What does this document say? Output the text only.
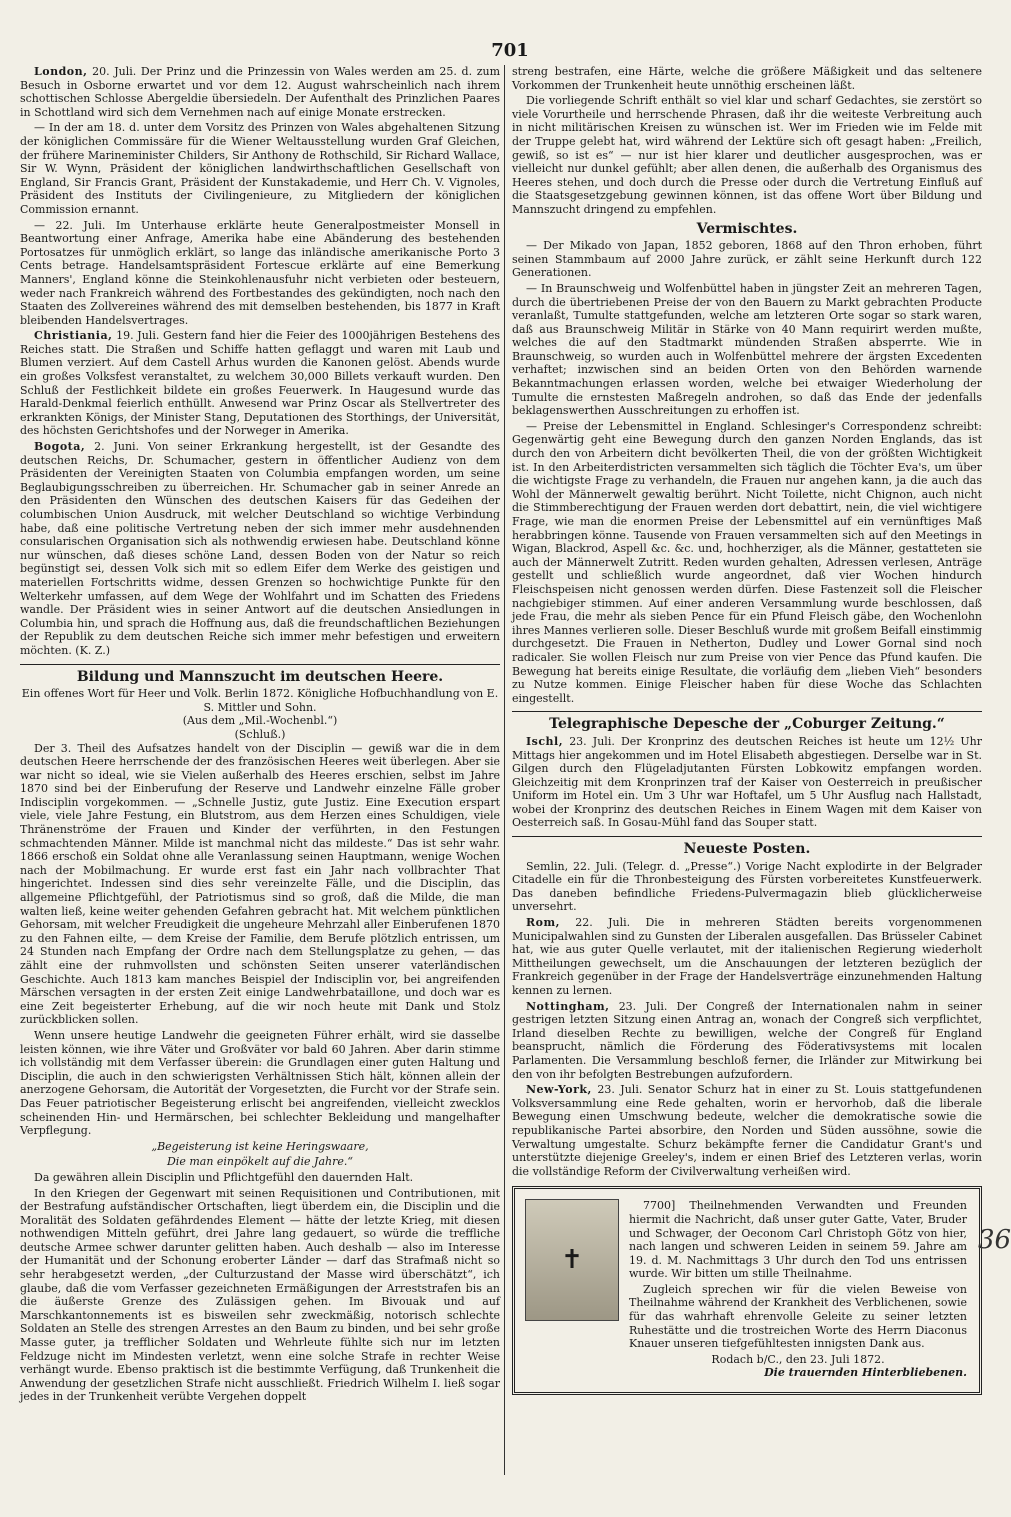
701

London, 20. Juli. Der Prinz und die Prinzessin von Wales werden am 25. d. zum Besuch in Osborne erwartet und vor dem 12. August wahrscheinlich nach ihrem schottischen Schlosse Abergeldie übersiedeln. Der Aufenthalt des Prinzlichen Paares in Schottland wird sich dem Vernehmen nach auf einige Monate erstrecken.

— In der am 18. d. unter dem Vorsitz des Prinzen von Wales abgehaltenen Sitzung der königlichen Commissäre für die Wiener Weltausstellung wurden Graf Gleichen, der frühere Marineminister Childers, Sir Anthony de Rothschild, Sir Richard Wallace, Sir W. Wynn, Präsident der königlichen landwirthschaftlichen Gesellschaft von England, Sir Francis Grant, Präsident der Kunstakademie, und Herr Ch. V. Vignoles, Präsident des Instituts der Civilingenieure, zu Mitgliedern der königlichen Commission ernannt.

— 22. Juli. Im Unterhause erklärte heute Generalpostmeister Monsell in Beantwortung einer Anfrage, Amerika habe eine Abänderung des bestehenden Portosatzes für unmöglich erklärt, so lange das inländische amerikanische Porto 3 Cents betrage. Handelsamtspräsident Fortescue erklärte auf eine Bemerkung Manners', England könne die Steinkohlenausfuhr nicht verbieten oder besteuern, weder nach Frankreich während des Fortbestandes des gekündigten, noch nach den Staaten des Zollvereines während des mit demselben bestehenden, bis 1877 in Kraft bleibenden Handelsvertrages.

Christiania, 19. Juli. Gestern fand hier die Feier des 1000jährigen Bestehens des Reiches statt. Die Straßen und Schiffe hatten geflaggt und waren mit Laub und Blumen verziert. Auf dem Castell Arhus wurden die Kanonen gelöst. Abends wurde ein großes Volksfest veranstaltet, zu welchem 30,000 Billets verkauft wurden. Den Schluß der Festlichkeit bildete ein großes Feuerwerk. In Haugesund wurde das Harald-Denkmal feierlich enthüllt. Anwesend war Prinz Oscar als Stellvertreter des erkrankten Königs, der Minister Stang, Deputationen des Storthings, der Universität, des höchsten Gerichtshofes und der Norweger in Amerika.

Bogota, 2. Juni. Von seiner Erkrankung hergestellt, ist der Gesandte des deutschen Reichs, Dr. Schumacher, gestern in öffentlicher Audienz von dem Präsidenten der Vereinigten Staaten von Columbia empfangen worden, um seine Beglaubigungsschreiben zu überreichen. Hr. Schumacher gab in seiner Anrede an den Präsidenten den Wünschen des deutschen Kaisers für das Gedeihen der columbischen Union Ausdruck, mit welcher Deutschland so wichtige Verbindung habe, daß eine politische Vertretung neben der sich immer mehr ausdehnenden consularischen Organisation sich als nothwendig erwiesen habe. Deutschland könne nur wünschen, daß dieses schöne Land, dessen Boden von der Natur so reich begünstigt sei, dessen Volk sich mit so edlem Eifer dem Werke des geistigen und materiellen Fortschritts widme, dessen Grenzen so hochwichtige Punkte für den Welterkehr umfassen, auf dem Wege der Wohlfahrt und im Schatten des Friedens wandle. Der Präsident wies in seiner Antwort auf die deutschen Ansiedlungen in Columbia hin, und sprach die Hoffnung aus, daß die freundschaftlichen Beziehungen der Republik zu dem deutschen Reiche sich immer mehr befestigen und erweitern möchten. (K. Z.)

Bildung und Mannszucht im deutschen Heere.

Ein offenes Wort für Heer und Volk. Berlin 1872. Königliche Hofbuchhandlung von E. S. Mittler und Sohn.

(Aus dem „Mil.-Wochenbl.“)

(Schluß.)

Der 3. Theil des Aufsatzes handelt von der Disciplin — gewiß war die in dem deutschen Heere herrschende der des französischen Heeres weit überlegen. Aber sie war nicht so ideal, wie sie Vielen außerhalb des Heeres erschien, selbst im Jahre 1870 sind bei der Einberufung der Reserve und Landwehr einzelne Fälle grober Indisciplin vorgekommen. — „Schnelle Justiz, gute Justiz. Eine Execution erspart viele, viele Jahre Festung, ein Blutstrom, aus dem Herzen eines Schuldigen, viele Thränenströme der Frauen und Kinder der verführten, in den Festungen schmachtenden Männer. Milde ist manchmal nicht das mildeste.“ Das ist sehr wahr. 1866 erschoß ein Soldat ohne alle Veranlassung seinen Hauptmann, wenige Wochen nach der Mobilmachung. Er wurde erst fast ein Jahr nach vollbrachter That hingerichtet. Indessen sind dies sehr vereinzelte Fälle, und die Disciplin, das allgemeine Pflichtgefühl, der Patriotismus sind so groß, daß die Milde, die man walten ließ, keine weiter gehenden Gefahren gebracht hat. Mit welchem pünktlichen Gehorsam, mit welcher Freudigkeit die ungeheure Mehrzahl aller Einberufenen 1870 zu den Fahnen eilte, — dem Kreise der Familie, dem Berufe plötzlich entrissen, um 24 Stunden nach Empfang der Ordre nach dem Stellungsplatze zu gehen, — das zählt eine der ruhmvollsten und schönsten Seiten unserer vaterländischen Geschichte. Auch 1813 kam manches Beispiel der Indisciplin vor, bei angreifenden Märschen versagten in der ersten Zeit einige Landwehrbataillone, und doch war es eine Zeit begeisterter Erhebung, auf die wir noch heute mit Dank und Stolz zurückblicken sollen.

Wenn unsere heutige Landwehr die geeigneten Führer erhält, wird sie dasselbe leisten können, wie ihre Väter und Großväter vor bald 60 Jahren. Aber darin stimme ich vollständig mit dem Verfasser überein: die Grundlagen einer guten Haltung und Disciplin, die auch in den schwierigsten Verhältnissen Stich hält, können allein der anerzogene Gehorsam, die Autorität der Vorgesetzten, die Furcht vor der Strafe sein. Das Feuer patriotischer Begeisterung erlischt bei angreifenden, vielleicht zwecklos scheinenden Hin- und Hermärschen, bei schlechter Bekleidung und mangelhafter Verpflegung.

„Begeisterung ist keine Heringswaare,

Die man einpökelt auf die Jahre.“

Da gewähren allein Disciplin und Pflichtgefühl den dauernden Halt.

In den Kriegen der Gegenwart mit seinen Requisitionen und Contributionen, mit der Bestrafung aufständischer Ortschaften, liegt überdem ein, die Disciplin und die Moralität des Soldaten gefährdendes Element — hätte der letzte Krieg, mit diesen nothwendigen Mitteln geführt, drei Jahre lang gedauert, so würde die treffliche deutsche Armee schwer darunter gelitten haben. Auch deshalb — also im Interesse der Humanität und der Schonung eroberter Länder — darf das Strafmaß nicht so sehr herabgesetzt werden, „der Culturzustand der Masse wird überschätzt“, ich glaube, daß die vom Verfasser gezeichneten Ermäßigungen der Arreststrafen bis an die äußerste Grenze des Zulässigen gehen. Im Bivouak und auf Marschkantonnements ist es bisweilen sehr zweckmäßig, notorisch schlechte Soldaten an Stelle des strengen Arrestes an den Baum zu binden, und bei sehr große Masse guter, ja trefflicher Soldaten und Wehrleute fühlte sich nur im letzten Feldzuge nicht im Mindesten verletzt, wenn eine solche Strafe in rechter Weise verhängt wurde. Ebenso praktisch ist die bestimmte Verfügung, daß Trunkenheit die Anwendung der gesetzlichen Strafe nicht ausschließt. Friedrich Wilhelm I. ließ sogar jedes in der Trunkenheit verübte Vergehen doppelt

streng bestrafen, eine Härte, welche die größere Mäßigkeit und das seltenere Vorkommen der Trunkenheit heute unnöthig erscheinen läßt.

Die vorliegende Schrift enthält so viel klar und scharf Gedachtes, sie zerstört so viele Vorurtheile und herrschende Phrasen, daß ihr die weiteste Verbreitung auch in nicht militärischen Kreisen zu wünschen ist. Wer im Frieden wie im Felde mit der Truppe gelebt hat, wird während der Lektüre sich oft gesagt haben: „Freilich, gewiß, so ist es“ — nur ist hier klarer und deutlicher ausgesprochen, was er vielleicht nur dunkel gefühlt; aber allen denen, die außerhalb des Organismus des Heeres stehen, und doch durch die Presse oder durch die Vertretung Einfluß auf die Staatsgesetzgebung gewinnen können, ist das offene Wort über Bildung und Mannszucht dringend zu empfehlen.

Vermischtes.

— Der Mikado von Japan, 1852 geboren, 1868 auf den Thron erhoben, führt seinen Stammbaum auf 2000 Jahre zurück, er zählt seine Herkunft durch 122 Generationen.

— In Braunschweig und Wolfenbüttel haben in jüngster Zeit an mehreren Tagen, durch die übertriebenen Preise der von den Bauern zu Markt gebrachten Producte veranlaßt, Tumulte stattgefunden, welche am letzteren Orte sogar so stark waren, daß aus Braunschweig Militär in Stärke von 40 Mann requirirt werden mußte, welches die auf den Stadtmarkt mündenden Straßen absperrte. Wie in Braunschweig, so wurden auch in Wolfenbüttel mehrere der ärgsten Excedenten verhaftet; inzwischen sind an beiden Orten von den Behörden warnende Bekanntmachungen erlassen worden, welche bei etwaiger Wiederholung der Tumulte die ernstesten Maßregeln androhen, so daß das Ende der jedenfalls beklagenswerthen Ausschreitungen zu erhoffen ist.

— Preise der Lebensmittel in England. Schlesinger's Correspondenz schreibt: Gegenwärtig geht eine Bewegung durch den ganzen Norden Englands, das ist durch den von Arbeitern dicht bevölkerten Theil, die von der größten Wichtigkeit ist. In den Arbeiterdistricten versammelten sich täglich die Töchter Eva's, um über die wichtigste Frage zu verhandeln, die Frauen nur angehen kann, ja die auch das Wohl der Männerwelt gewaltig berührt. Nicht Toilette, nicht Chignon, auch nicht die Stimmberechtigung der Frauen werden dort debattirt, nein, die viel wichtigere Frage, wie man die enormen Preise der Lebensmittel auf ein vernünftiges Maß herabbringen könne. Tausende von Frauen versammelten sich auf den Meetings in Wigan, Blackrod, Aspell &c. &c. und, hochherziger, als die Männer, gestatteten sie auch der Männerwelt Zutritt. Reden wurden gehalten, Adressen verlesen, Anträge gestellt und schließlich wurde angeordnet, daß vier Wochen hindurch Fleischspeisen nicht genossen werden dürfen. Diese Fastenzeit soll die Fleischer nachgiebiger stimmen. Auf einer anderen Versammlung wurde beschlossen, daß jede Frau, die mehr als sieben Pence für ein Pfund Fleisch gäbe, den Wochenlohn ihres Mannes verlieren solle. Dieser Beschluß wurde mit großem Beifall einstimmig durchgesetzt. Die Frauen in Netherton, Dudley und Lower Gornal sind noch radicaler. Sie wollen Fleisch nur zum Preise von vier Pence das Pfund kaufen. Die Bewegung hat bereits einige Resultate, die vorläufig dem „lieben Vieh“ besonders zu Nutze kommen. Einige Fleischer haben für diese Woche das Schlachten eingestellt.

Telegraphische Depesche der „Coburger Zeitung.“

Ischl, 23. Juli. Der Kronprinz des deutschen Reiches ist heute um 12½ Uhr Mittags hier angekommen und im Hotel Elisabeth abgestiegen. Derselbe war in St. Gilgen durch den Flügeladjutanten Fürsten Lobkowitz empfangen worden. Gleichzeitig mit dem Kronprinzen traf der Kaiser von Oesterreich in preußischer Uniform im Hotel ein. Um 3 Uhr war Hoftafel, um 5 Uhr Ausflug nach Hallstadt, wobei der Kronprinz des deutschen Reiches in Einem Wagen mit dem Kaiser von Oesterreich saß. In Gosau-Mühl fand das Souper statt.

Neueste Posten.

Semlin, 22. Juli. (Telegr. d. „Presse“.) Vorige Nacht explodirte in der Belgrader Citadelle ein für die Thronbesteigung des Fürsten vorbereitetes Kunstfeuerwerk. Das daneben befindliche Friedens-Pulvermagazin blieb glücklicherweise unversehrt.

Rom, 22. Juli. Die in mehreren Städten bereits vorgenommenen Municipalwahlen sind zu Gunsten der Liberalen ausgefallen. Das Brüsseler Cabinet hat, wie aus guter Quelle verlautet, mit der italienischen Regierung wiederholt Mittheilungen gewechselt, um die Anschauungen der letzteren bezüglich der Frankreich gegenüber in der Frage der Handelsverträge einzunehmenden Haltung kennen zu lernen.

Nottingham, 23. Juli. Der Congreß der Internationalen nahm in seiner gestrigen letzten Sitzung einen Antrag an, wonach der Congreß sich verpflichtet, Irland dieselben Rechte zu bewilligen, welche der Congreß für England beansprucht, nämlich die Förderung des Föderativsystems mit localen Parlamenten. Die Versammlung beschloß ferner, die Irländer zur Mitwirkung bei den von ihr befolgten Bestrebungen aufzufordern.

New-York, 23. Juli. Senator Schurz hat in einer zu St. Louis stattgefundenen Volksversammlung eine Rede gehalten, worin er hervorhob, daß die liberale Bewegung einen Umschwung bedeute, welcher die demokratische sowie die republikanische Partei absorbire, den Norden und Süden aussöhne, sowie die Verwaltung umgestalte. Schurz bekämpfte ferner die Candidatur Grant's und unterstützte diejenige Greeley's, indem er einen Brief des Letzteren verlas, worin die vollständige Reform der Civilverwaltung verheißen wird.

✝

7700] Theilnehmenden Verwandten und Freunden hiermit die Nachricht, daß unser guter Gatte, Vater, Bruder und Schwager, der Oeconom Carl Christoph Götz von hier, nach langen und schweren Leiden in seinem 59. Jahre am 19. d. M. Nachmittags 3 Uhr durch den Tod uns entrissen wurde. Wir bitten um stille Theilnahme.

Zugleich sprechen wir für die vielen Beweise von Theilnahme während der Krankheit des Verblichenen, sowie für das wahrhaft ehrenvolle Geleite zu seiner letzten Ruhestätte und die trostreichen Worte des Herrn Diaconus Knauer unseren tiefgefühltesten innigsten Dank aus.

Rodach b/C., den 23. Juli 1872.

Die trauernden Hinterbliebenen.

36
